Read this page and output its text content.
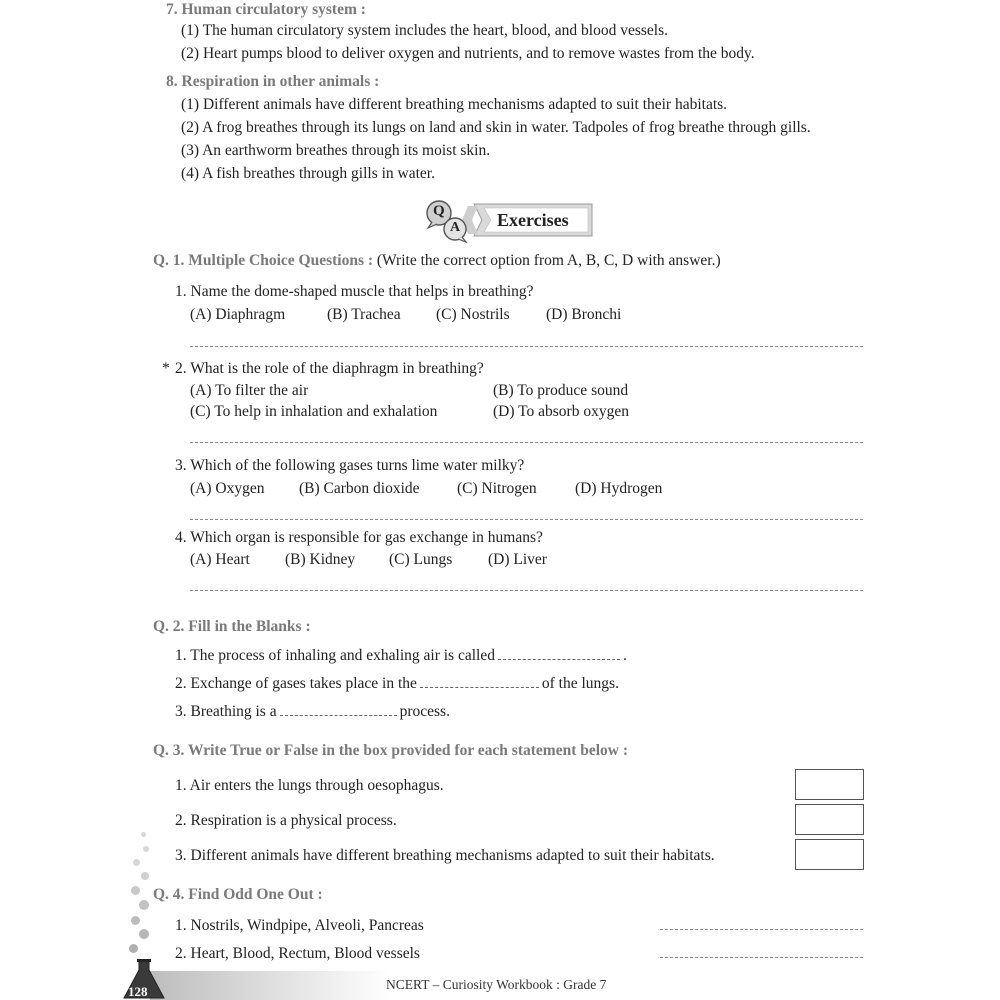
7. Human circulatory system :
(1) The human circulatory system includes the heart, blood, and blood vessels.
(2) Heart pumps blood to deliver oxygen and nutrients, and to remove wastes from the body.
8. Respiration in other animals :
(1) Different animals have different breathing mechanisms adapted to suit their habitats.
(2) A frog breathes through its lungs on land and skin in water. Tadpoles of frog breathe through gills.
(3) An earthworm breathes through its moist skin.
(4) A fish breathes through gills in water.
Q
A Exercises
Q. 1. Multiple Choice Questions : (Write the correct option from A, B, C, D with answer.)
1. Name the dome-shaped muscle that helps in breathing?
(A) Diaphragm	(B) Trachea (C) Nostrils (D) Bronchi
* 2. What is the role of the diaphragm in breathing?
(A) To filter the air	(B) To produce sound
(C) To help in inhalation and exhalation	(D) To absorb oxygen
3. Which of the following gases turns lime water milky?
(A) Oxygen (B) Carbon dioxide (C) Nitrogen (D) Hydrogen
4. Which organ is responsible for gas exchange in humans?
(A) Heart (B) Kidney (C) Lungs (D) Liver
Q. 2. Fill in the Blanks :
1. The process of inhaling and exhaling air is called	.
2. Exchange of gases takes place in the	of the lungs.
3. Breathing is a	process.
Q. 3. Write True or False in the box provided for each statement below :
1. Air enters the lungs through oesophagus.
2. Respiration is a physical process.
3. Different animals have different breathing mechanisms adapted to suit their habitats.
Q. 4. Find Odd One Out :
1. Nostrils, Windpipe, Alveoli, Pancreas
2. Heart, Blood, Rectum, Blood vessels
128	NCERT – Curiosity Workbook : Grade 7
